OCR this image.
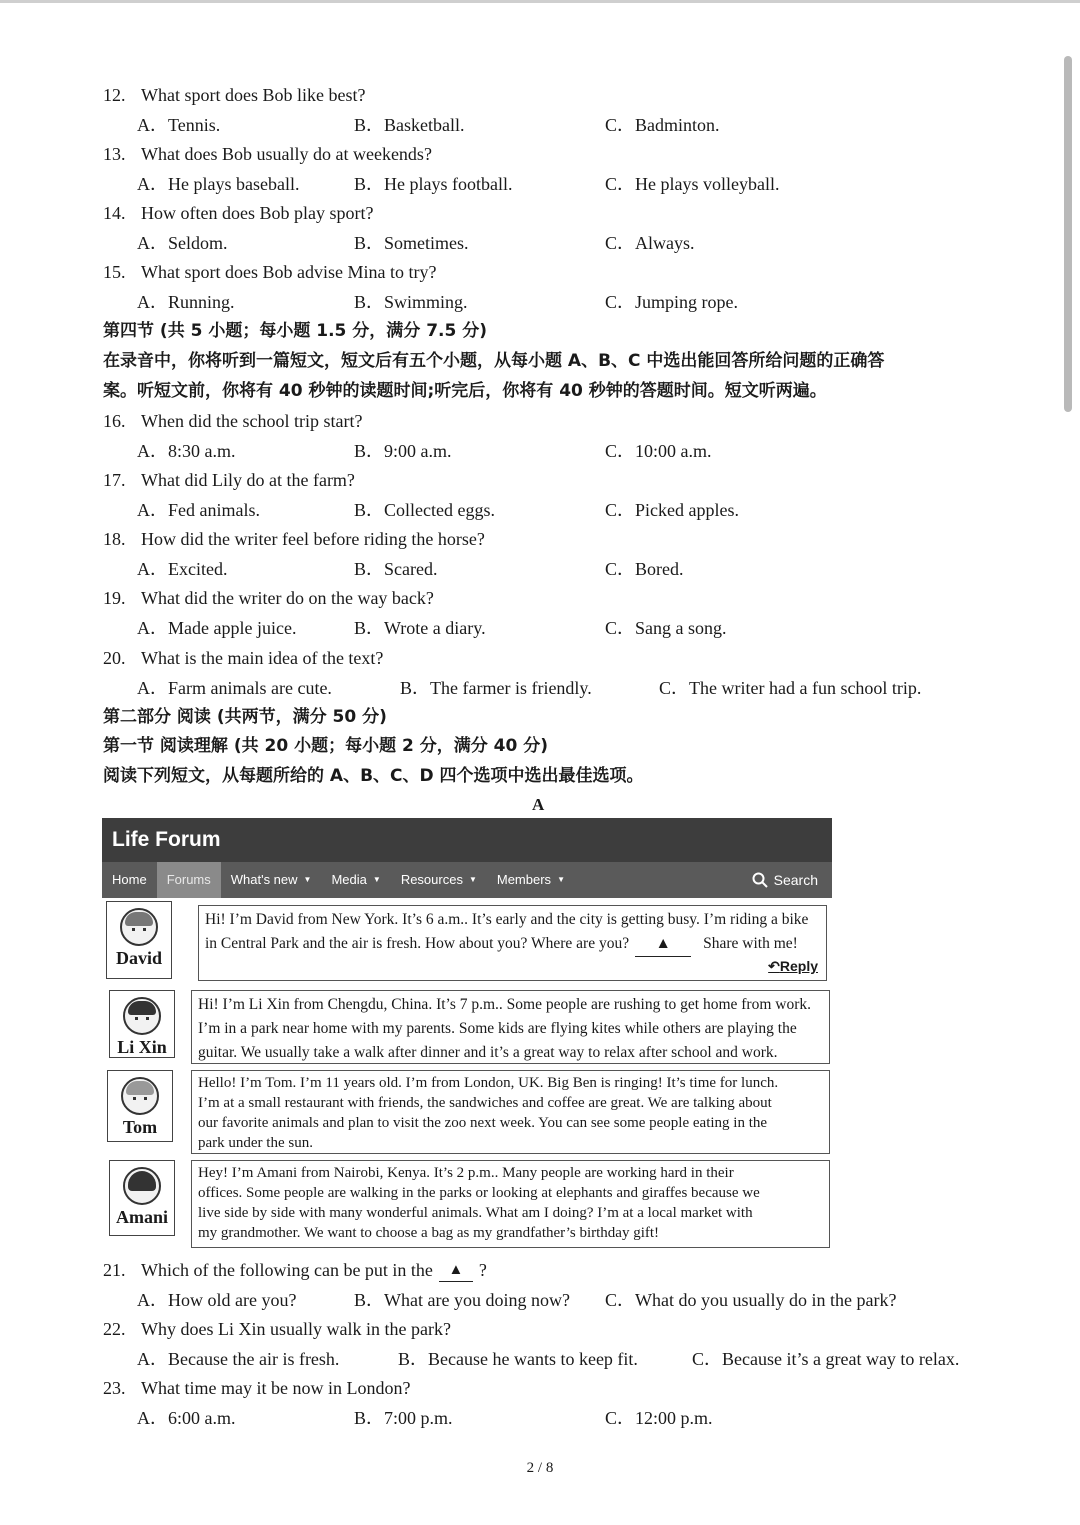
12. What sport does Bob like best?
A．Tennis.	B．Basketball.	C．Badminton.
13. What does Bob usually do at weekends?
A．He plays baseball.	B．He plays football.	C．He plays volleyball.
14. How often does Bob play sport?
A．Seldom.	B．Sometimes.	C．Always.
15. What sport does Bob advise Mina to try?
A．Running.	B．Swimming.	C．Jumping rope.
第四节 (共 5 小题；每小题 1.5 分，满分 7.5 分)
在录音中，你将听到一篇短文，短文后有五个小题，从每小题 A、B、C 中选出能回答所给问题的正确答
案。听短文前，你将有 40 秒钟的读题时间;听完后，你将有 40 秒钟的答题时间。短文听两遍。
16. When did the school trip start?
A．8:30 a.m.	B．9:00 a.m.	C．10:00 a.m.
17. What did Lily do at the farm?
A．Fed animals.	B．Collected eggs.	C．Picked apples.
18. How did the writer feel before riding the horse?
A．Excited.	B．Scared.	C．Bored.
19. What did the writer do on the way back?
A．Made apple juice.	B．Wrote a diary.	C．Sang a song.
20. What is the main idea of the text?
A．Farm animals are cute.	B．The farmer is friendly.	C．The writer had a fun school trip.
第二部分 阅读 (共两节，满分 50 分)
第一节 阅读理解 (共 20 小题；每小题 2 分，满分 40 分)
阅读下列短文，从每题所给的 A、B、C、D 四个选项中选出最佳选项。
A
Life Forum
Home Forums What's new ▼ Media ▼ Resources ▼ Members ▼	Search
David
Hi! I’m David from New York. It’s 6 a.m.. It’s early and the city is getting busy. I’m riding a bike
in Central Park and the air is fresh. How about you? Where are you?	▲	Share with me!
↶Reply
Li Xin
Hi! I’m Li Xin from Chengdu, China. It’s 7 p.m.. Some people are rushing to get home from work.
I’m in a park near home with my parents. Some kids are flying kites while others are playing the
guitar. We usually take a walk after dinner and it’s a great way to relax after school and work.
Tom
Hello! I’m Tom. I’m 11 years old. I’m from London, UK. Big Ben is ringing! It’s time for lunch.
I’m at a small restaurant with friends, the sandwiches and coffee are great. We are talking about
our favorite animals and plan to visit the zoo next week. You can see some people eating in the
park under the sun.
Amani
Hey! I’m Amani from Nairobi, Kenya. It’s 2 p.m.. Many people are working hard in their
offices. Some people are walking in the parks or looking at elephants and giraffes because we
live side by side with many wonderful animals. What am I doing? I’m at a local market with
my grandmother. We want to choose a bag as my grandfather’s birthday gift!
21. Which of the following can be put in the	▲ ?
A．How old are you?	B．What are you doing now? C．What do you usually do in the park?
22. Why does Li Xin usually walk in the park?
A．Because the air is fresh.	B．Because he wants to keep fit.	C．Because it’s a great way to relax.
23. What time may it be now in London?
A．6:00 a.m.	B．7:00 p.m.	C．12:00 p.m.
2 / 8
